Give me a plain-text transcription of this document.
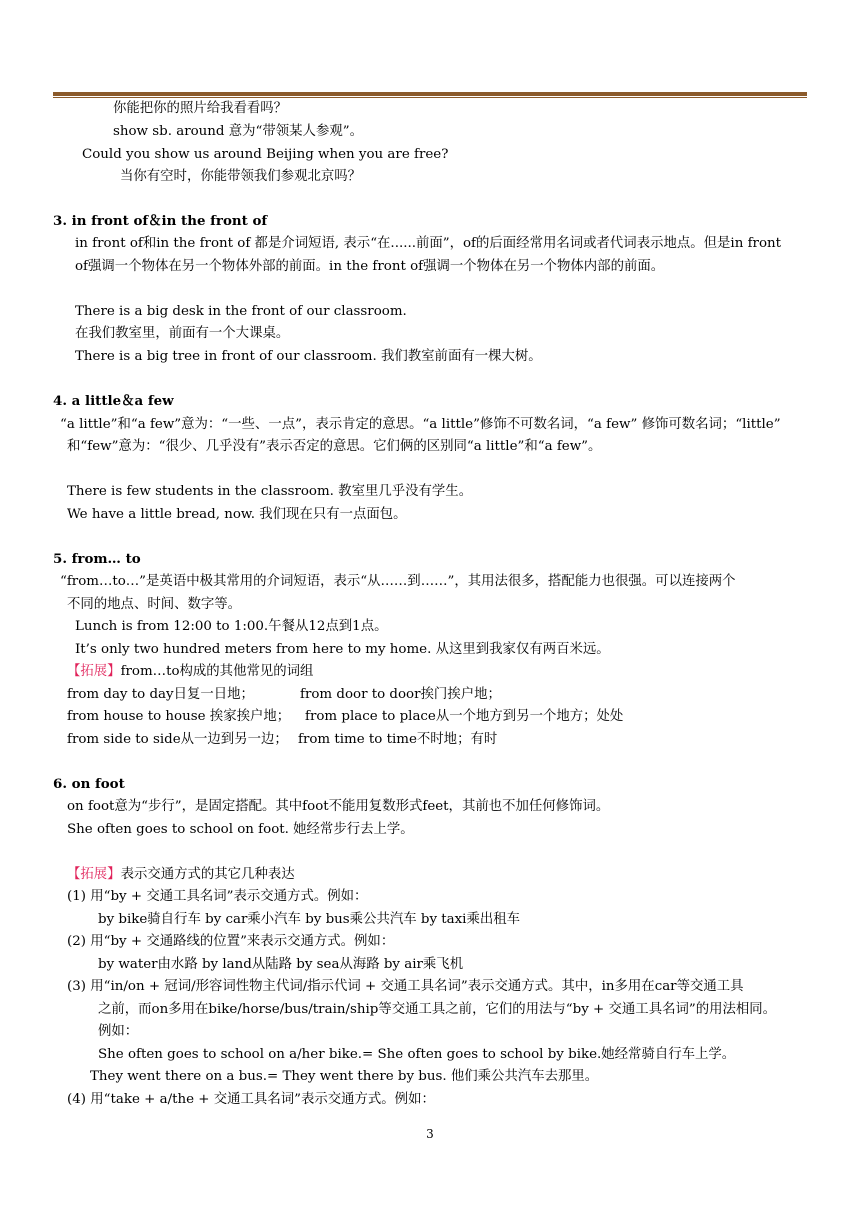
你能把你的照片给我看看吗？
show sb. around 意为“带领某人参观”。
Could you show us around Beijing when you are free?
当你有空时，你能带领我们参观北京吗？
3. in front of＆in the front of
in front of和in the front of 都是介词短语, 表示“在......前面”，of的后面经常用名词或者代词表示地点。但是in front
of强调一个物体在另一个物体外部的前面。in the front of强调一个物体在另一个物体内部的前面。
There is a big desk in the front of our classroom.
在我们教室里，前面有一个大课桌。
There is a big tree in front of our classroom. 我们教室前面有一棵大树。
4. a little＆a few
“a little”和“a few”意为：“一些、一点”，表示肯定的意思。“a little”修饰不可数名词，“a few” 修饰可数名词；“little”
和“few”意为：“很少、几乎没有”表示否定的意思。它们俩的区别同“a little”和“a few”。
There is few students in the classroom. 教室里几乎没有学生。
We have a little bread, now. 我们现在只有一点面包。
5. from… to
“from…to…”是英语中极其常用的介词短语，表示“从……到……”，其用法很多，搭配能力也很强。可以连接两个
不同的地点、时间、数字等。
Lunch is from 12:00 to 1:00.午餐从12点到1点。
It’s only two hundred meters from here to my home. 从这里到我家仅有两百米远。
【拓展】from…to构成的其他常见的词组
from day to day日复一日地；	from door to door挨门挨户地；
from house to house 挨家挨户地； from place to place从一个地方到另一个地方；处处
from side to side从一边到另一边； from time to time不时地；有时
6. on foot
on foot意为“步行”，是固定搭配。其中foot不能用复数形式feet，其前也不加任何修饰词。
She often goes to school on foot. 她经常步行去上学。
【拓展】表示交通方式的其它几种表达
(1) 用“by + 交通工具名词”表示交通方式。例如：
by bike骑自行车 by car乘小汽车 by bus乘公共汽车 by taxi乘出租车
(2) 用“by + 交通路线的位置”来表示交通方式。例如：
by water由水路 by land从陆路 by sea从海路 by air乘飞机
(3) 用“in/on + 冠词/形容词性物主代词/指示代词 + 交通工具名词”表示交通方式。其中，in多用在car等交通工具
之前，而on多用在bike/horse/bus/train/ship等交通工具之前，它们的用法与“by + 交通工具名词”的用法相同。
例如：
She often goes to school on a/her bike.= She often goes to school by bike.她经常骑自行车上学。
They went there on a bus.= They went there by bus. 他们乘公共汽车去那里。
(4) 用“take + a/the + 交通工具名词”表示交通方式。例如：
3
